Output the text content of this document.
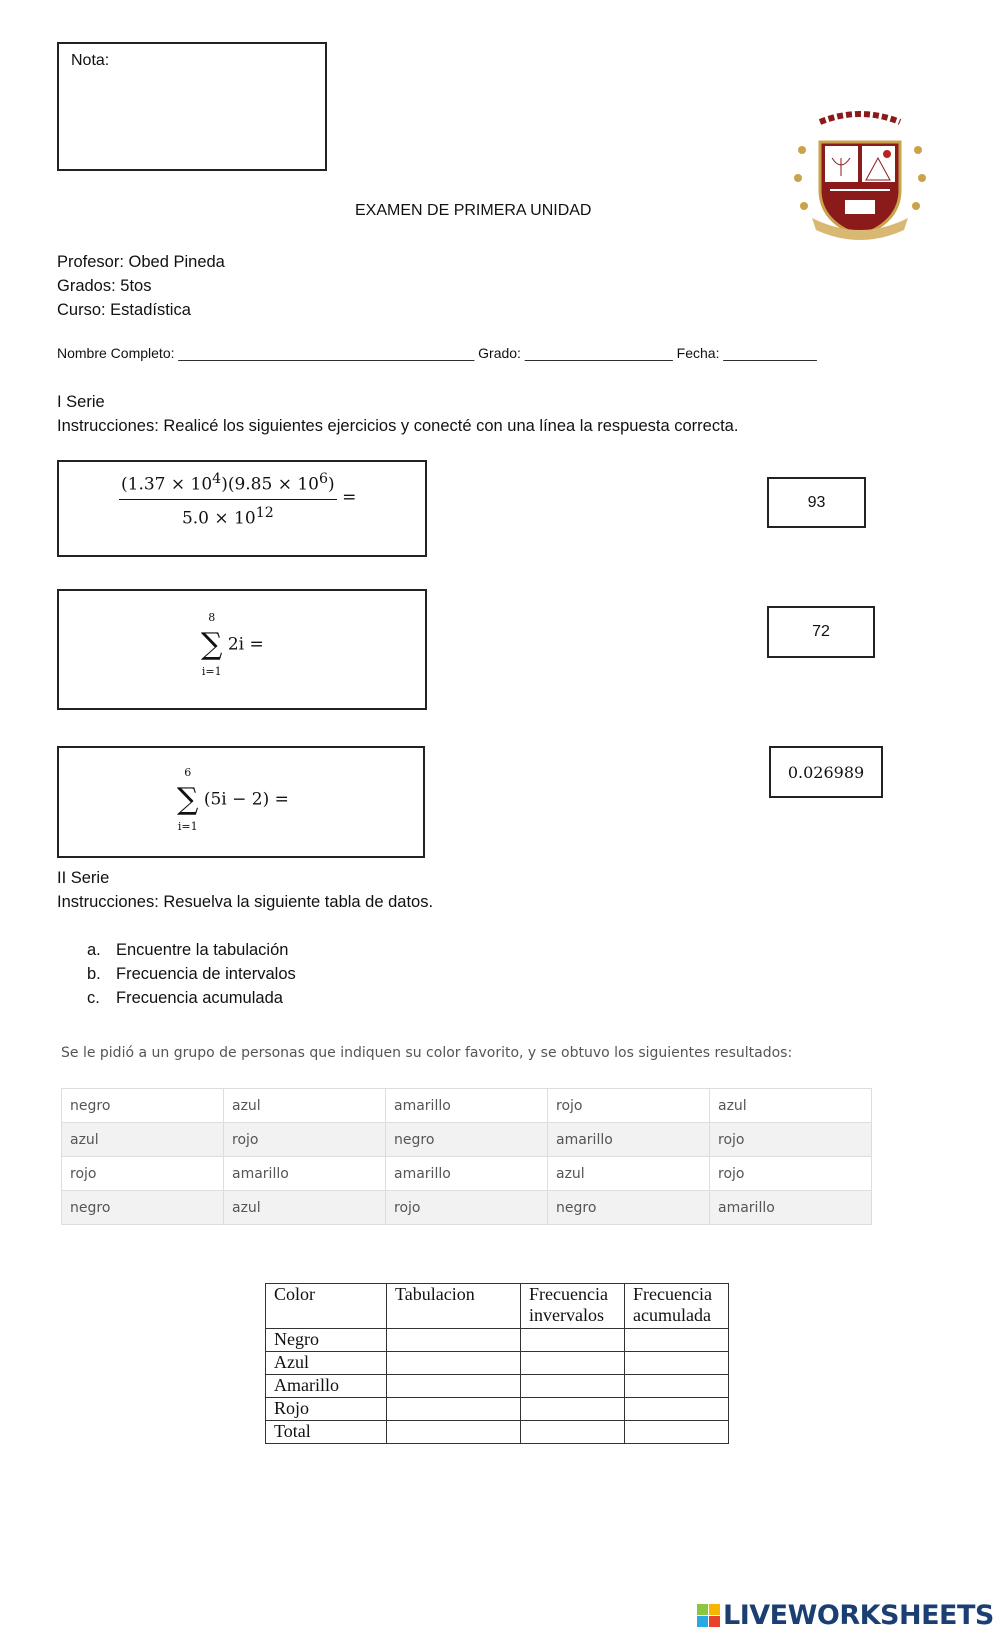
Nota:
EXAMEN DE PRIMERA UNIDAD
Profesor: Obed Pineda
Grados: 5tos
Curso: Estadística
Nombre Completo: ______________________________________ Grado: ___________________ Fecha: ____________
I Serie
Instrucciones: Realicé los siguientes ejercicios y conecté con una línea la respuesta correcta.
$\frac{(1.37 \times 10^4)(9.85 \times 10^6)}{5.0 \times 10^{12}}$ =	93
8
∑
i=1
2i =
72
6
∑
i=1
(5i − 2) =
0.026989
II Serie
Instrucciones: Resuelva la siguiente tabla de datos.
a. Encuentre la tabulación
b. Frecuencia de intervalos
c. Frecuencia acumulada
Se le pidió a un grupo de personas que indiquen su color favorito, y se obtuvo los siguientes resultados:
negro	azul	amarillo	rojo	azul
azul	rojo	negro	amarillo	rojo
rojo	amarillo	amarillo	azul	rojo
negro	azul	rojo	negro	amarillo
Color	Tabulacion	Frecuencia invervalos	Frecuencia acumulada
Negro			
Azul			
Amarillo			
Rojo			
Total			
LIVEWORKSHEETS
